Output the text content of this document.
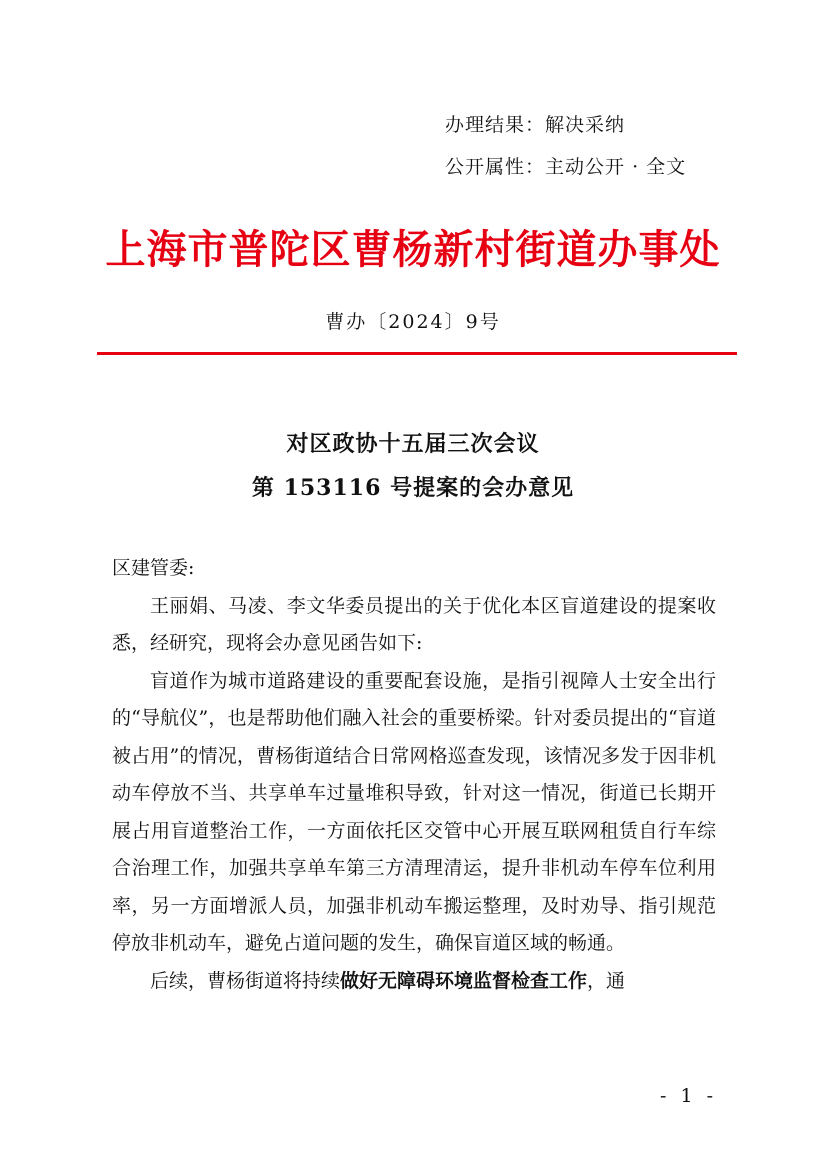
办理结果 ： 解决采纳
公开属性 ： 主动公开 · 全文
上海市普陀区曹杨新村街道办事处
曹办〔2024〕9号
对区政协十五届三次会议
第 153116 号提案的会办意见

区建管委:

王丽娟、马凌、李文华委员提出的关于优化本区盲道建设的提案收悉，经研究，现将会办意见函告如下:

盲道作为城市道路建设的重要配套设施，是指引视障人士安全出行的“导航仪”，也是帮助他们融入社会的重要桥梁。针对委员提出的“盲道被占用”的情况，曹杨街道结合日常网格巡查发现，该情况多发于因非机动车停放不当、共享单车过量堆积导致，针对这一情况，街道已长期开展占用盲道整治工作，一方面依托区交管中心开展互联网租赁自行车综合治理工作，加强共享单车第三方清理清运，提升非机动车停车位利用率，另一方面增派人员，加强非机动车搬运整理，及时劝导、指引规范停放非机动车，避免占道问题的发生，确保盲道区域的畅通。

后续，曹杨街道将持续做好无障碍环境监督检查工作，通

- 1 -
